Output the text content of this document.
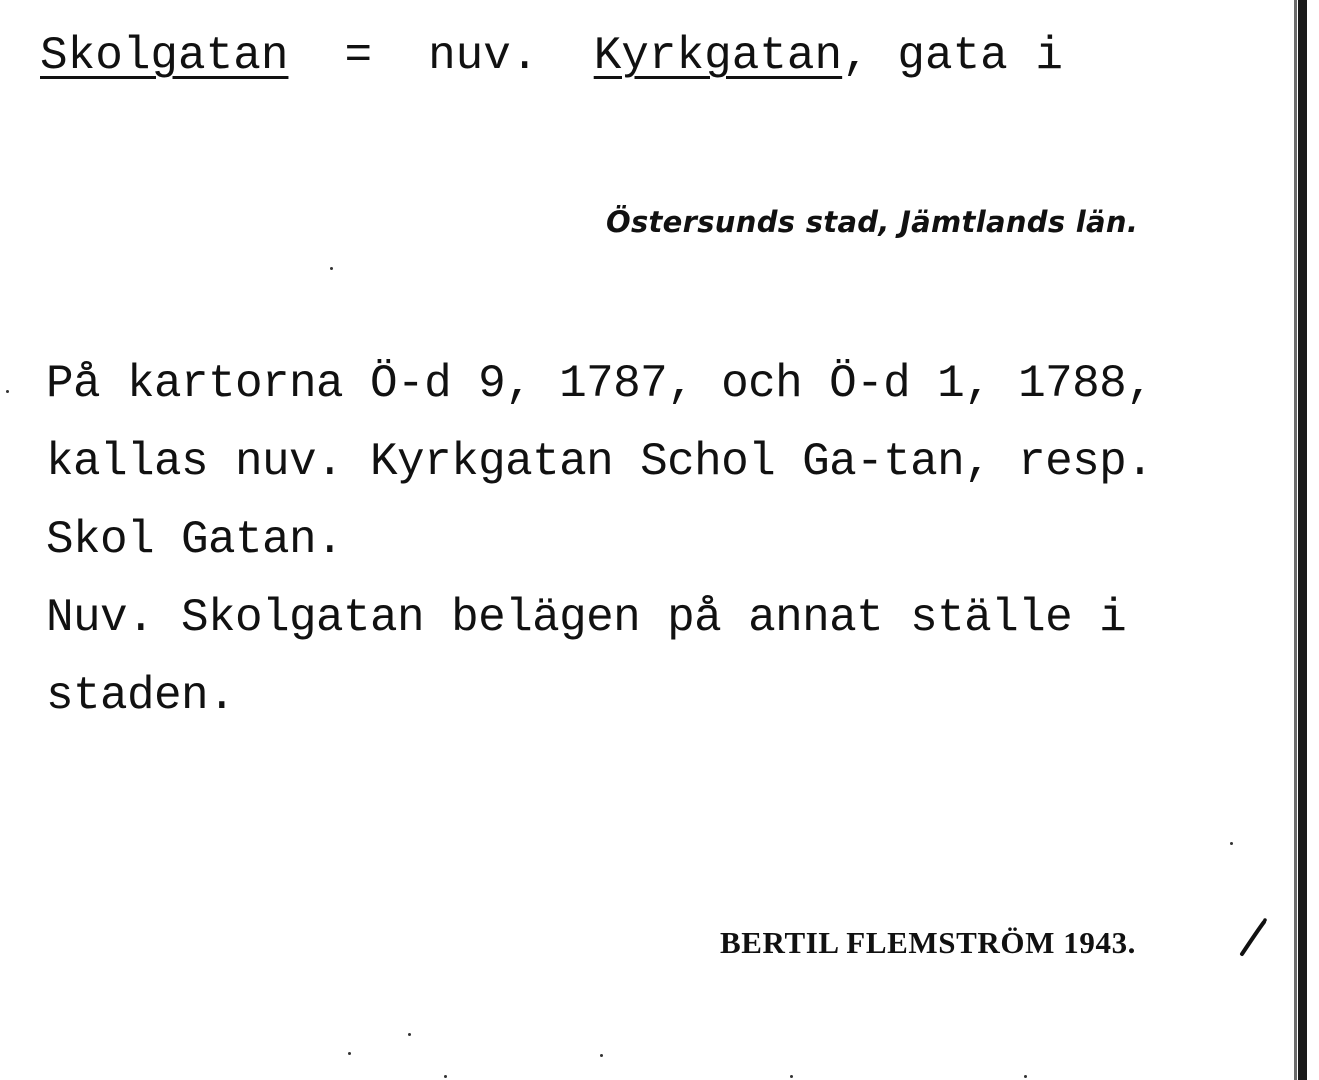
Skolgatan = nuv. Kyrkgatan, gata i
Östersunds stad, Jämtlands län.
På kartorna Ö-d 9, 1787, och Ö-d 1, 1788,
kallas nuv. Kyrkgatan Schol Ga-tan, resp.
Skol Gatan.
Nuv. Skolgatan belägen på annat ställe i
staden.
BERTIL FLEMSTRÖM 1943.
